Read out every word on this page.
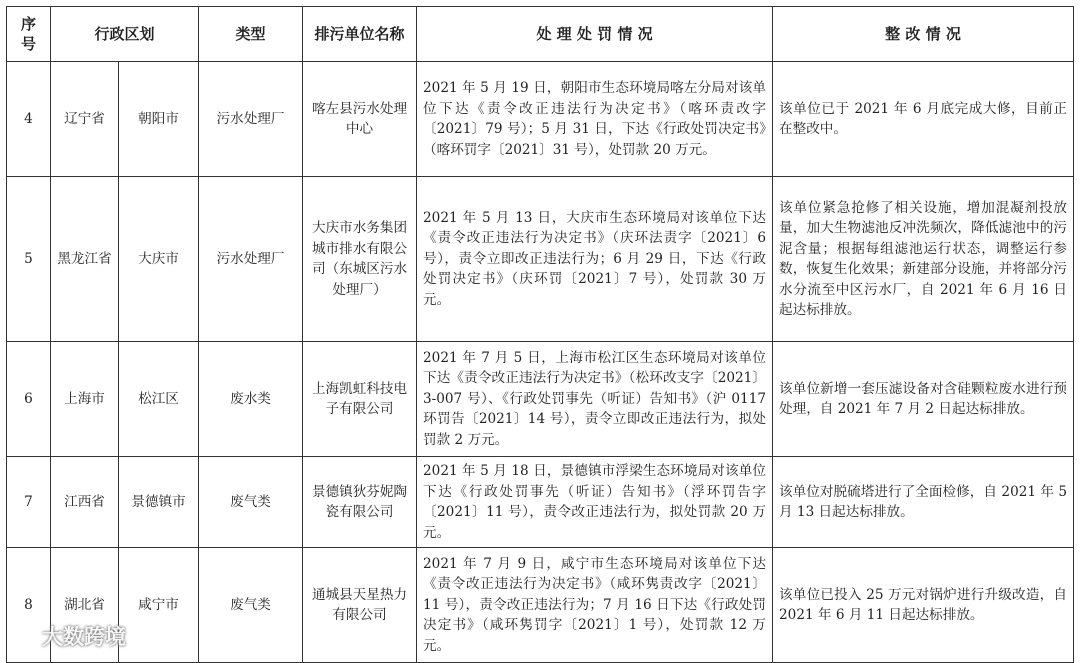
序号	行政区划		类型	排污单位名称	处 理 处 罚 情 况	整 改 情 况
4	辽宁省	朝阳市	污水处理厂	喀左县污水处理中心	2021 年 5 月 19 日，朝阳市生态环境局喀左分局对该单位下达《责令改正违法行为决定书》（喀环责改字〔2021〕79 号）；5 月 31 日，下达《行政处罚决定书》（喀环罚字〔2021〕31 号），处罚款 20 万元。	该单位已于 2021 年 6 月底完成大修，目前正在整改中。
5	黑龙江省	大庆市	污水处理厂	大庆市水务集团城市排水有限公司（东城区污水处理厂）	2021 年 5 月 13 日，大庆市生态环境局对该单位下达《责令改正违法行为决定书》（庆环法责字〔2021〕6 号），责令立即改正违法行为；6 月 29 日，下达《行政处罚决定书》（庆环罚〔2021〕7 号），处罚款 30 万元。	该单位紧急抢修了相关设施，增加混凝剂投放量，加大生物滤池反冲洗频次，降低滤池中的污泥含量；根据每组滤池运行状态，调整运行参数，恢复生化效果；新建部分设施，并将部分污水分流至中区污水厂，自 2021 年 6 月 16 日起达标排放。
6	上海市	松江区	废水类	上海凯虹科技电子有限公司	2021 年 7 月 5 日，上海市松江区生态环境局对该单位下达《责令改正违法行为决定书》（松环改支字〔2021〕3-007 号）、《行政处罚事先（听证）告知书》（沪 0117 环罚告〔2021〕14 号），责令立即改正违法行为，拟处罚款 2 万元。	该单位新增一套压滤设备对含硅颗粒废水进行预处理，自 2021 年 7 月 2 日起达标排放。
7	江西省	景德镇市	废气类	景德镇狄芬妮陶瓷有限公司	2021 年 5 月 18 日，景德镇市浮梁生态环境局对该单位下达《行政处罚事先（听证）告知书》（浮环罚告字〔2021〕11 号），责令改正违法行为，拟处罚款 20 万元。	该单位对脱硫塔进行了全面检修，自 2021 年 5 月 13 日起达标排放。
8	湖北省	咸宁市	废气类	通城县天星热力有限公司	2021 年 7 月 9 日，咸宁市生态环境局对该单位下达《责令改正违法行为决定书》（咸环隽责改字〔2021〕11 号），责令改正违法行为；7 月 16 日下达《行政处罚决定书》（咸环隽罚字〔2021〕1 号），处罚款 12 万元。	该单位已投入 25 万元对锅炉进行升级改造，自 2021 年 6 月 11 日起达标排放。
大数跨境
